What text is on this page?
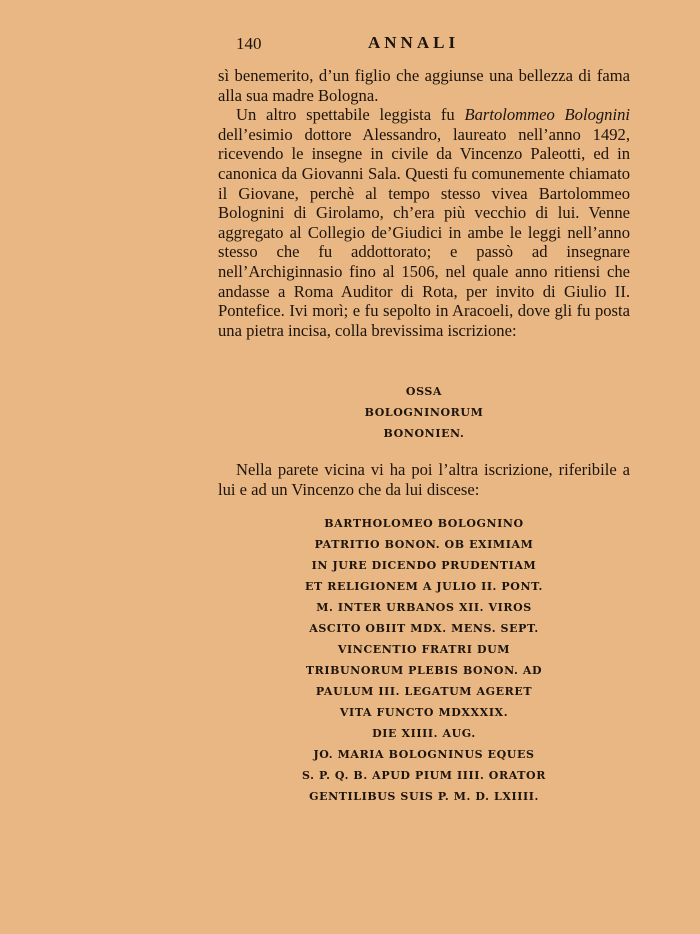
140	ANNALI

sì benemerito, d’un figlio che aggiunse una bellezza di fama alla sua madre Bologna.

Un altro spettabile leggista fu Bartolommeo Bolognini dell’esimio dottore Alessandro, laureato nell’anno 1492, ricevendo le insegne in civile da Vincenzo Paleotti, ed in canonica da Giovanni Sala. Questi fu comunemente chiamato il Giovane, perchè al tempo stesso vivea Bartolommeo Bolognini di Girolamo, ch’era più vecchio di lui. Venne aggregato al Collegio de’Giudici in ambe le leggi nell’anno stesso che fu addottorato; e passò ad insegnare nell’Archiginnasio fino al 1506, nel quale anno ritiensi che andasse a Roma Auditor di Rota, per invito di Giulio II. Pontefice. Ivi morì; e fu sepolto in Aracoeli, dove gli fu posta una pietra incisa, colla brevissima iscrizione:

OSSA
BOLOGNINORUM
BONONIEN.

Nella parete vicina vi ha poi l’altra iscrizione, riferibile a lui e ad un Vincenzo che da lui discese:

BARTHOLOMEO BOLOGNINO
PATRITIO BONON. OB EXIMIAM
IN JURE DICENDO PRUDENTIAM
ET RELIGIONEM A JULIO II. PONT.
M. INTER URBANOS XII. VIROS
ASCITO OBIIT MDX. MENS. SEPT.
VINCENTIO FRATRI DUM
TRIBUNORUM PLEBIS BONON. AD
PAULUM III. LEGATUM AGERET
VITA FUNCTO MDXXXIX.
DIE XIIII. AUG.
JO. MARIA BOLOGNINUS EQUES
S. P. Q. B. APUD PIUM IIII. ORATOR
GENTILIBUS SUIS P. M. D. LXIIII.
